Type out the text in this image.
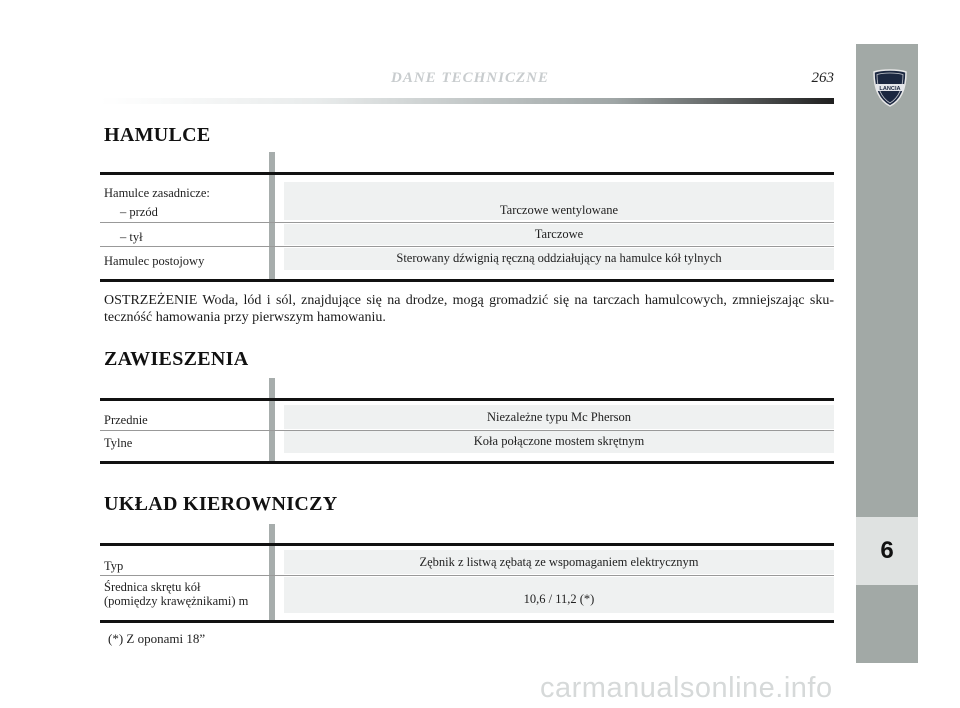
DANE TECHNICZNE	263
6
LANCIA
HAMULCE
Hamulce zasadnicze:
– przód	Tarczowe wentylowane
– tył	Tarczowe
Hamulec postojowy	Sterowany dźwignią ręczną oddziałujący na hamulce kół tylnych
OSTRZEŻENIE Woda, lód i sól, znajdujące się na drodze, mogą gromadzić się na tarczach hamulcowych, zmniejszając sku-tecznóść hamowania przy pierwszym hamowaniu.
ZAWIESZENIA
Przednie	Niezależne typu Mc Pherson
Tylne	Koła połączone mostem skrętnym
UKŁAD KIEROWNICZY
Typ	Zębnik z listwą zębatą ze wspomaganiem elektrycznym
Średnica skrętu kół
(pomiędzy krawężnikami) m	10,6 / 11,2 (*)
(*) Z oponami 18”
carmanualsonline.info
